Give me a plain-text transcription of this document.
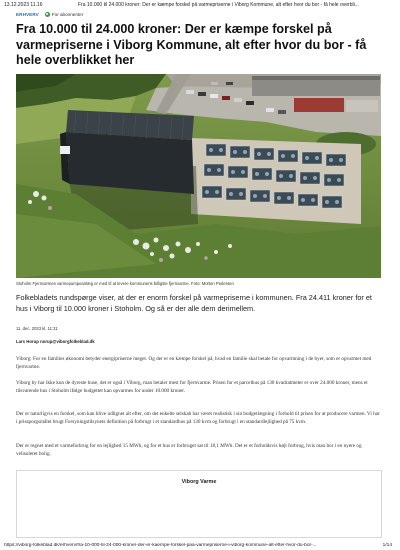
13.12.2023 11.16	Fra 10.000 til 24.000 kroner: Der er kæmpe forskel på varmepriserne i Viborg Kommune, alt efter hvor du bor - få hele overbli...
ERHVERV	For abonnenter
Fra 10.000 til 24.000 kroner: Der er kæmpe forskel på varmepriserne i Viborg Kommune, alt efter hvor du bor - få hele overblikket her
Stoholm Fjernvarmes varmepumpeanlæg er med til at levere kommunens billigste fjernvarme. Foto: Morten Pedersen

Folkebladets rundspørge viser, at der er enorm forskel på varmepriserne i kommunen. Fra 24.411 kroner for et hus i Viborg til 10.000 kroner i Stoholm. Og så er der alle dem derimellem.

11. dec. 2023 kl. 11:21
Lars Horup norup@viborgfolkeblad.dk

Viborg: For en families økonomi betyder energipriserne meget. Og der er en kæmpe forskel på, hvad en familie skal betale for opvarmning i de byer, som er opvarmet med fjernvarme.

Viborg by har ikke kun de dyreste huse, det er også i Viborg, man betaler mest for fjernvarme. Prisen for et parcelhus på 130 kvadratmeter er over 24.000 kroner, mens et tilsvarende hus i Stoholm ifølge budgettet kan opvarmes for under 10.000 kroner.

Der er naturligvis en forskel, som kan blive udlignet alt efter, om det enkelte selskab har været realistisk i sin budgetlægning i forhold til prisen for at producere varmen. Vi har i prissporgsmålet brugt Forsyningstilsynets definition på forbrugt i et standardhus på 130 kvm og forbrugt i en standardlejlighed på 75 kvm.

Der er regnet med et varmeforbrug for en lejlighed 15 MWh, og for et hus er forbruget sat til 18,1 MWh. Det er et forholdsvis højt forbrug, hvis man bor i en nyere og velisoleret bolig.

Viborg Varme
https://viborg-folkeblad.dk/erhverv/fra-10-000-til-24-000-kroner-der-er-kaempe-forskel-paa-varmepriserne-i-viborg-kommune-alt-efter-hvor-du-bor-...	1/14
